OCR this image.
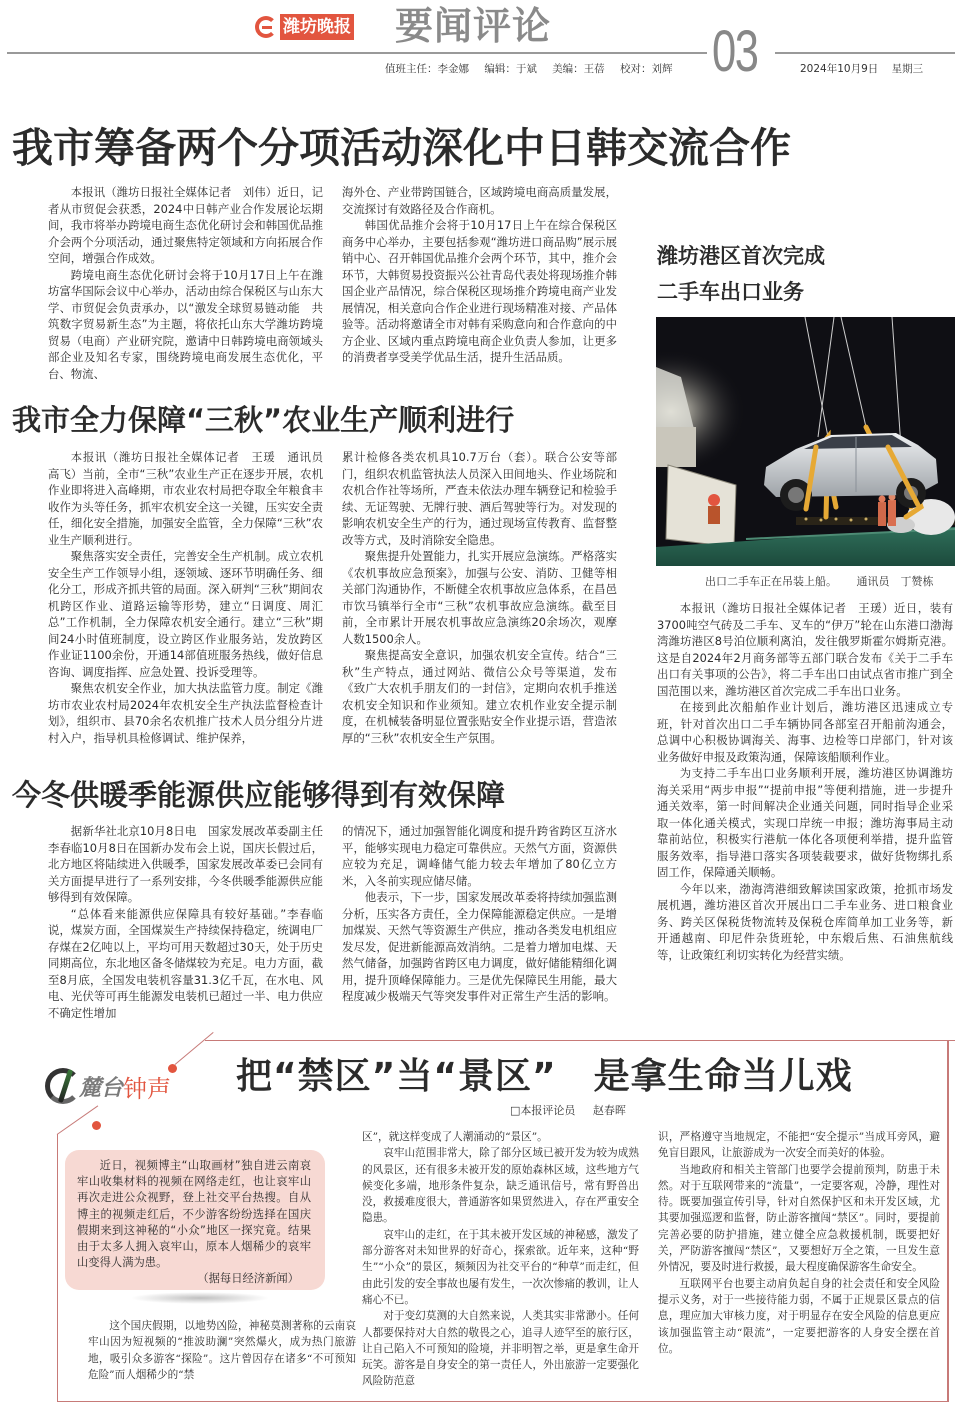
潍坊晚报 要闻评论	03
值班主任：李金娜 编辑：于斌 美编：王蓓 校对：刘辉	2024年10月9日 星期三
我市筹备两个分项活动深化中日韩交流合作

本报讯（潍坊日报社全媒体记者　刘伟）近日，记者从市贸促会获悉，2024中日韩产业合作发展论坛期间，我市将举办跨境电商生态优化研讨会和韩国优品推介会两个分项活动，通过聚焦特定领域和方向拓展合作空间，增强合作成效。

跨境电商生态优化研讨会将于10月17日上午在潍坊富华国际会议中心举办，活动由综合保税区与山东大学、市贸促会负责承办，以“激发全球贸易链动能　共筑数字贸易新生态”为主题，将依托山东大学潍坊跨境贸易（电商）产业研究院，邀请中日韩跨境电商领域头部企业及知名专家，围绕跨境电商发展生态优化，平台、物流、

海外仓、产业带跨国链合，区域跨境电商高质量发展，交流探讨有效路径及合作商机。

韩国优品推介会将于10月17日上午在综合保税区商务中心举办，主要包括参观“潍坊进口商品购”展示展销中心、召开韩国优品推介会两个环节，其中，推介会环节，大韩贸易投资振兴公社青岛代表处将现场推介韩国企业产品情况，综合保税区现场推介跨境电商产业发展情况，相关意向合作企业进行现场精准对接、产品体验等。活动将邀请全市对韩有采购意向和合作意向的中方企业、区域内重点跨境电商企业负责人参加，让更多的消费者享受美学优品生活，提升生活品质。

我市全力保障“三秋”农业生产顺利进行

本报讯（潍坊日报社全媒体记者　王瑗　通讯员　高飞）当前，全市“三秋”农业生产正在逐步开展，农机作业即将进入高峰期，市农业农村局把夺取全年粮食丰收作为头等任务，抓牢农机安全这一关键，压实安全责任，细化安全措施，加强安全监管，全力保障“三秋”农业生产顺利进行。

聚焦落实安全责任，完善安全生产机制。成立农机安全生产工作领导小组，逐领域、逐环节明确任务、细化分工，形成齐抓共管的局面。深入研判“三秋”期间农机跨区作业、道路运输等形势，建立“日调度、周汇总”工作机制，全力保障农机安全通行。建立“三秋”期间24小时值班制度，设立跨区作业服务站，发放跨区作业证1100余份，开通14部值班服务热线，做好信息咨询、调度指挥、应急处置、投诉受理等。

聚焦农机安全作业，加大执法监管力度。制定《潍坊市农业农村局2024年农机安全生产执法监督检查计划》，组织市、县70余名农机推广技术人员分组分片进村入户，指导机具检修调试、维护保养，

累计检修各类农机具10.7万台（套）。联合公安等部门，组织农机监管执法人员深入田间地头、作业场院和农机合作社等场所，严查未依法办理车辆登记和检验手续、无证驾驶、无牌行驶、酒后驾驶等行为。对发现的影响农机安全生产的行为，通过现场宣传教育、监督整改等方式，及时消除安全隐患。

聚焦提升处置能力，扎实开展应急演练。严格落实《农机事故应急预案》，加强与公安、消防、卫健等相关部门沟通协作，不断健全农机事故应急体系，在昌邑市饮马镇举行全市“三秋”农机事故应急演练。截至目前，全市累计开展农机事故应急演练20余场次，观摩人数1500余人。

聚焦提高安全意识，加强农机安全宣传。结合“三秋”生产特点，通过网站、微信公众号等渠道，发布《致广大农机手朋友们的一封信》，定期向农机手推送农机安全知识和作业须知。建立农机作业安全提示制度，在机械装备明显位置张贴安全作业提示语，营造浓厚的“三秋”农机安全生产氛围。

今冬供暖季能源供应能够得到有效保障

据新华社北京10月8日电　国家发展改革委副主任李春临10月8日在国新办发布会上说，国庆长假过后，北方地区将陆续进入供暖季，国家发展改革委已会同有关方面提早进行了一系列安排，今冬供暖季能源供应能够得到有效保障。

“总体看来能源供应保障具有较好基础。”李春临说，煤炭方面，全国煤炭生产持续保持稳定，统调电厂存煤在2亿吨以上，平均可用天数超过30天，处于历史同期高位，东北地区备冬储煤较为充足。电力方面，截至8月底，全国发电装机容量31.3亿千瓦，在水电、风电、光伏等可再生能源发电装机已超过一半、电力供应不确定性增加

的情况下，通过加强智能化调度和提升跨省跨区互济水平，能够实现电力稳定可靠供应。天然气方面，资源供应较为充足，调峰储气能力较去年增加了80亿立方米，入冬前实现应储尽储。

他表示，下一步，国家发展改革委将持续加强监测分析，压实各方责任，全力保障能源稳定供应。一是增加煤炭、天然气等资源生产供应，推动各类发电机组应发尽发，促进新能源高效消纳。二是着力增加电煤、天然气储备，加强跨省跨区电力调度，做好储能精细化调用，提升顶峰保障能力。三是优先保障民生用能，最大程度减少极端天气等突发事件对正常生产生活的影响。

潍坊港区首次完成
二手车出口业务
出口二手车正在吊装上船。 通讯员　丁赞栋

本报讯（潍坊日报社全媒体记者　王瑗）近日，装有3700吨空气砖及二手车、叉车的“伊万”轮在山东港口渤海湾潍坊港区8号泊位顺利离泊，发往俄罗斯霍尔姆斯克港。这是自2024年2月商务部等五部门联合发布《关于二手车出口有关事项的公告》，将二手车出口由试点省市推广到全国范围以来，潍坊港区首次完成二手车出口业务。

在接到此次船舶作业计划后，潍坊港区迅速成立专班，针对首次出口二手车辆协同各部室召开船前沟通会，总调中心积极协调海关、海事、边检等口岸部门，针对该业务做好申报及政策沟通，保障该船顺利作业。

为支持二手车出口业务顺利开展，潍坊港区协调潍坊海关采用“两步申报”“提前申报”等便利措施，进一步提升通关效率，第一时间解决企业通关问题，同时指导企业采取一体化通关模式，实现口岸统一申报；潍坊海事局主动靠前站位，积极实行港航一体化各项便利举措，提升监管服务效率，指导港口落实各项装载要求，做好货物绑扎系固工作，保障通关顺畅。

今年以来，渤海湾港细致解读国家政策，抢抓市场发展机遇，潍坊港区首次开展出口二手车业务、进口粮食业务、跨关区保税货物流转及保税仓库简单加工业务等，新开通越南、印尼件杂货班轮，中东煅后焦、石油焦航线等，让政策红利切实转化为经营实绩。

麓台 钟声 把“禁区”当“景区”　是拿生命当儿戏
□本报评论员 赵春晖

近日，视频博主“山取画材”独自进云南哀牢山收集材料的视频在网络走红，也让哀牢山再次走进公众视野，登上社交平台热搜。自从博主的视频走红后，不少游客纷纷选择在国庆假期来到这神秘的“小众”地区一探究竟。结果由于太多人拥入哀牢山，原本人烟稀少的哀牢山变得人满为患。

（据每日经济新闻）

这个国庆假期，以地势凶险，神秘莫测著称的云南哀牢山因为短视频的“推波助澜”突然爆火，成为热门旅游地，吸引众多游客“探险”。这片曾因存在诸多“不可预知危险”而人烟稀少的“禁

区”，就这样变成了人潮涌动的“景区”。

哀牢山范围非常大，除了部分区域已被开发为较为成熟的风景区，还有很多未被开发的原始森林区域，这些地方气候变化多端，地形条件复杂，缺乏通讯信号，常有野兽出没，救援难度很大，普通游客如果贸然进入，存在严重安全隐患。

哀牢山的走红，在于其未被开发区域的神秘感，激发了部分游客对未知世界的好奇心，探索欲。近年来，这种“野生”“小众”的景区，频频因为社交平台的“种草”而走红，但由此引发的安全事故也屡有发生，一次次惨痛的教训，让人痛心不已。

对于变幻莫测的大自然来说，人类其实非常渺小。任何人都要保持对大自然的敬畏之心，追寻人迹罕至的旅行区，让自己陷入不可预知的险境，并非明智之举，更是拿生命开玩笑。游客是自身安全的第一责任人，外出旅游一定要强化风险防范意

识，严格遵守当地规定，不能把“安全提示”当成耳旁风，避免盲目跟风，让旅游成为一次安全而美好的体验。

当地政府和相关主管部门也要学会提前预判，防患于未然。对于互联网带来的“流量”，一定要客观，冷静，理性对待。既要加强宣传引导，针对自然保护区和未开发区域，尤其要加强巡逻和监督，防止游客擅闯“禁区”。同时，要提前完善必要的防护措施，建立健全应急救援机制，既要把好关，严防游客擅闯“禁区”，又要想好万全之策，一旦发生意外情况，要及时进行救援，最大程度确保游客生命安全。

互联网平台也要主动肩负起自身的社会责任和安全风险提示义务，对于一些接待能力弱，不属于正规景区景点的信息，理应加大审核力度，对于明显存在安全风险的信息更应该加强监管主动“限流”，一定要把游客的人身安全摆在首位。
